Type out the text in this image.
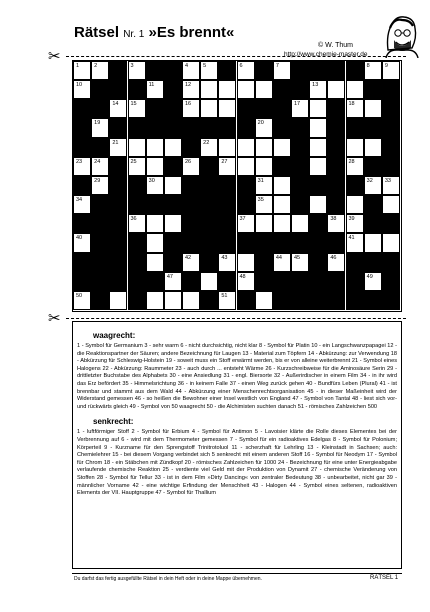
Rätsel Nr. 1 »Es brennt«
© W. Thum
http://www.chemie-master.de
✂
✂
1	2	3	4	5	6	7	8	9
10	11	12	13
14 15	16	17	18
19	20
21	22
23 24	25	26	27	28
29	30	31	32 33
34	35
36	37	38 39
40	41
42	43	44 45	46
47	48	49
50	51
waagrecht:
1 - Symbol für Germanium 3 - sehr warm 6 - nicht durchsichtig, nicht klar 8 - Symbol für Platin 10 - ein Langschwanzpapagei 12 - die Reaktionspartner der Säuren; andere Bezeichnung für Laugen 13 - Material zum Töpfern 14 - Abkürzung: zur Verwendung 18 - Abkürzung für Schleswig-Holstein 19 - soweit muss ein Stoff erwärmt werden, bis er von alleine weiterbrennt 21 - Symbol eines Halogens 22 - Abkürzung: Raummeter 23 - auch durch ... entsteht Wärme 26 - Kurzschreibweise für die Aminosäure Serin 29 - drittletzter Buchstabe des Alphabets 30 - eine Ansiedlung 31 - engl. Biersorte 32 - Außerirdischer in einem Film 34 - in ihr wird das Erz befördert 35 - Himmelsrichtung 36 - in keinem Falle 37 - einen Weg zurück gehen 40 - Bundfürs Leben (Plural) 41 - ist brennbar und stammt aus dem Wald 44 - Abkürzung einer Menschenrechtsorganisation 45 - in dieser Maßeinheit wird der Widerstand gemessen 46 - so heißen die Bewohner einer Insel westlich von England 47 - Symbol von Tantal 48 - liest sich vor- und rückwärts gleich 49 - Symbol von 50 waagrecht 50 - die Alchimisten suchten danach 51 - römisches Zahlzeichen 500
senkrecht:
1 - luftförmiger Stoff 2 - Symbol für Erbium 4 - Symbol für Antimon 5 - Lavoisier klärte die Rolle dieses Elementes bei der Verbrennung auf 6 - wird mit dem Thermometer gemessen 7 - Symbol für ein radioaktives Edelgas 8 - Symbol für Polonium; Körperteil 9 - Kurzname für den Sprengstoff Trinitrotoluol 11 - scherzhaft für Lehrling 13 - Kleinstadt in Sachsen; auch: Chemielehrer 15 - bei diesem Vorgang verbindet sich 5 senkrecht mit einem anderen Stoff 16 - Symbol für Neodym 17 - Symbol für Chrom 18 - ein Stäbchen mit Zündkopf 20 - römisches Zahlzeichen für 1000 24 - Bezeichnung für eine unter Energieabgabe verlaufende chemische Reaktion 25 - verdiente viel Geld mit der Produktion von Dynamit 27 - chemische Veränderung von Stoffen 28 - Symbol für Tellur 33 - ist in dem Film »Dirty Dancing« von zentraler Bedeutung 38 - unbearbeitet, nicht gar 39 - männlicher Vorname 42 - eine wichtige Erfindung der Menschheit 43 - Halogen 44 - Symbol eines seltenen, radioaktiven Elements der VII. Hauptgruppe 47 - Symbol für Thallium
Du darfst das fertig ausgefüllte Rätsel in dein Heft oder in deine Mappe übernehmen.	RÄTSEL 1
